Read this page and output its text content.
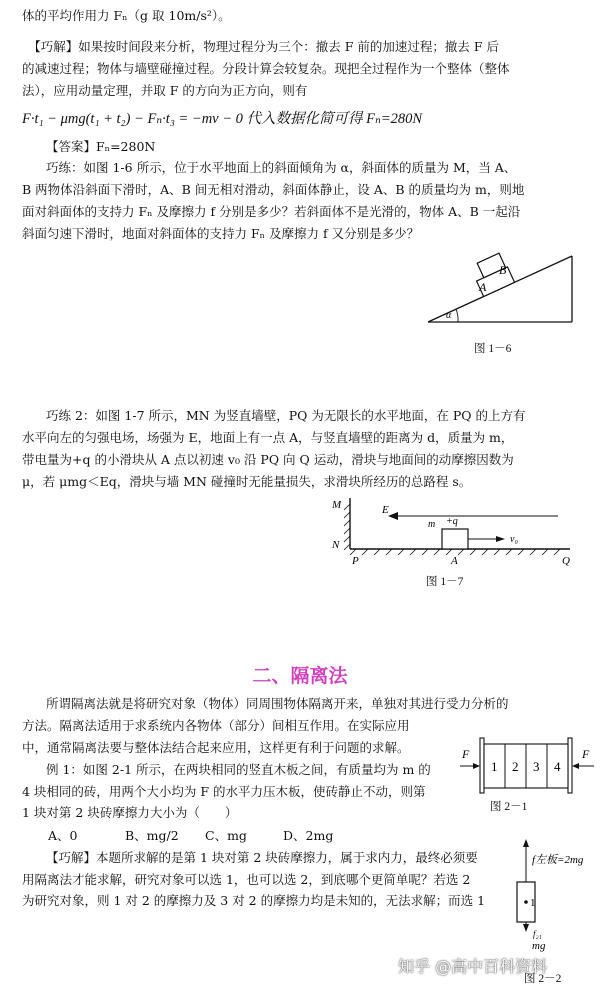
体的平均作用力 Fₙ（g 取 10m/s²）。
　【巧解】如果按时间段来分析，物理过程分为三个：撤去 F 前的加速过程；撤去 F 后
的减速过程；物体与墙壁碰撞过程。分段计算会较复杂。现把全过程作为一个整体（整体
法），应用动量定理，并取 F 的方向为正方向，则有
F·t₁ − μmg(t₁ + t₂) − Fₙ·t₃ = −mv − 0 代入数据化简可得 Fₙ=280N
【答案】Fₙ=280N
巧练：如图 1-6 所示，位于水平地面上的斜面倾角为 α，斜面体的质量为 M，当 A、
B 两物体沿斜面下滑时，A、B 间无相对滑动，斜面体静止，设 A、B 的质量均为 m，则地
面对斜面体的支持力 Fₙ 及摩擦力 f 分别是多少？若斜面体不是光滑的，物体 A、B 一起沿
斜面匀速下滑时，地面对斜面体的支持力 Fₙ 及摩擦力 f 又分别是多少？
α
A
B
图 1－6
巧练 2：如图 1-7 所示，MN 为竖直墙壁，PQ 为无限长的水平地面，在 PQ 的上方有
水平向左的匀强电场，场强为 E，地面上有一点 A，与竖直墙壁的距离为 d，质量为 m，
带电量为+q 的小滑块从 A 点以初速 v₀ 沿 PQ 向 Q 运动，滑块与地面间的动摩擦因数为
μ，若 μmg＜Eq，滑块与墙 MN 碰撞时无能量损失，求滑块所经历的总路程 s。
M
N
P	A	Q
E
m +q
v₀
图 1－7
二、隔离法
所谓隔离法就是将研究对象（物体）同周围物体隔离开来，单独对其进行受力分析的
方法。隔离法适用于求系统内各物体（部分）间相互作用。在实际应用
中，通常隔离法要与整体法结合起来应用，这样更有利于问题的求解。
例 1：如图 2-1 所示，在两块相同的竖直木板之间，有质量均为 m 的
4 块相同的砖，用两个大小均为 F 的水平力压木板，使砖静止不动，则第
1 块对第 2 块砖摩擦力大小为（　　）
A、0	B、mg/2	C、mg	D、2mg
【巧解】本题所求解的是第 1 块对第 2 块砖摩擦力，属于求内力，最终必须要
用隔离法才能求解，研究对象可以选 1，也可以选 2，到底哪个更简单呢？若选 2
为研究对象，则 1 对 2 的摩擦力及 3 对 2 的摩擦力均是未知的，无法求解；而选 1
F	F
1 2 3 4
图 2－1
1
f左板=2mg
f₂₁
mg
图 2－2
知乎 @高中百科资料
